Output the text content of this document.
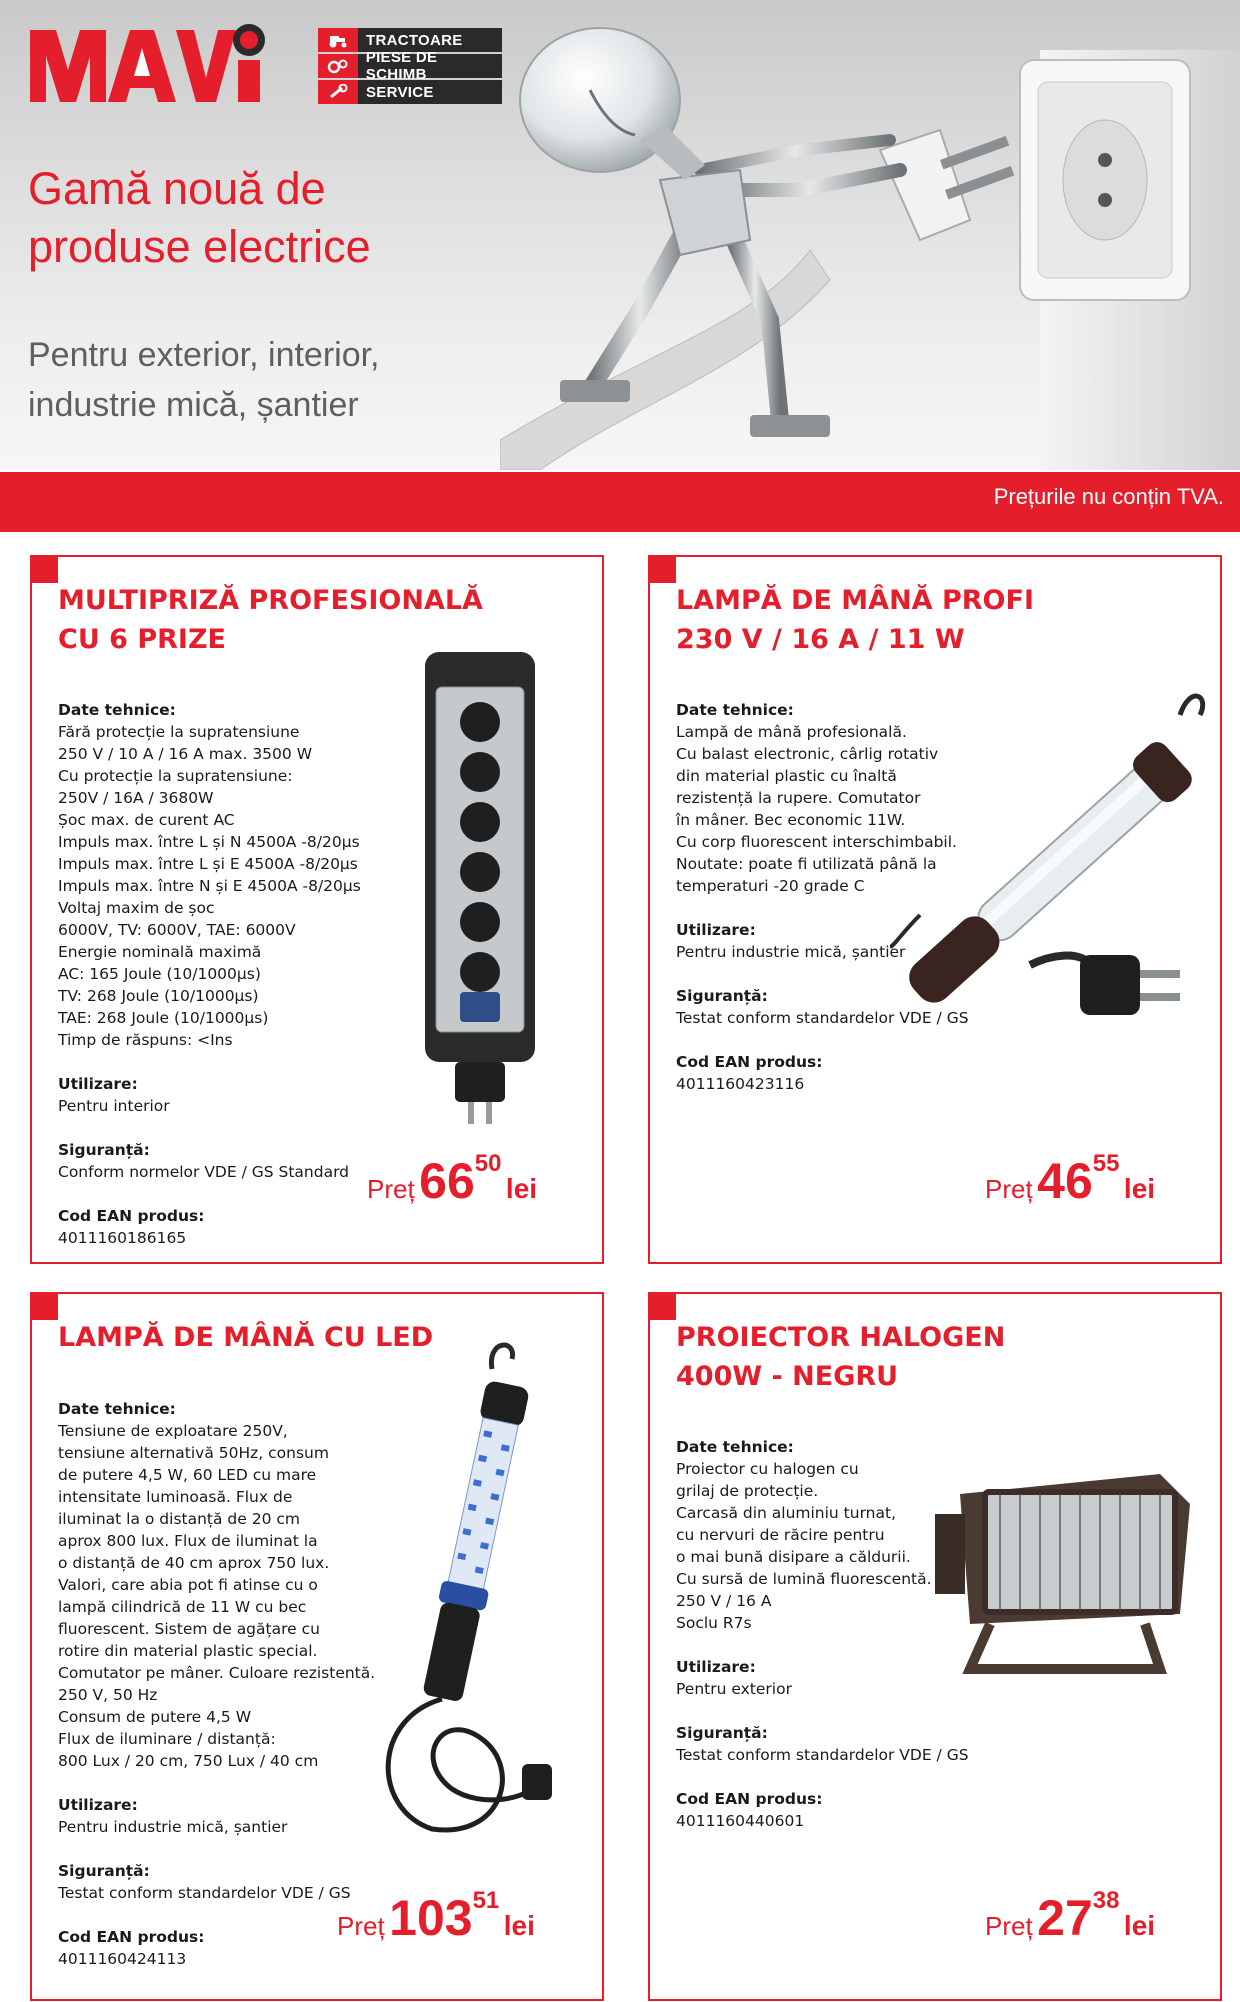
TRACTOARE
PIESE DE SCHIMB
SERVICE
Gamă nouă de
produse electrice
Pentru exterior, interior,
industrie mică, șantier
Prețurile nu conțin TVA.
MULTIPRIZĂ PROFESIONALĂ
CU 6 PRIZE
Date tehnice:
Fără protecție la supratensiune
250 V / 10 A / 16 A max. 3500 W
Cu protecție la supratensiune:
250V / 16A / 3680W
Șoc max. de curent AC
Impuls max. între L și N 4500A -8/20µs
Impuls max. între L și E 4500A -8/20µs
Impuls max. între N și E 4500A -8/20µs
Voltaj maxim de șoc
6000V, TV: 6000V, TAE: 6000V
Energie nominală maximă
AC: 165 Joule (10/1000µs)
TV: 268 Joule (10/1000µs)
TAE: 268 Joule (10/1000µs)
Timp de răspuns: <Ins
Utilizare:
Pentru interior
Siguranță:
Conform normelor VDE / GS Standard
Cod EAN produs:
4011160186165
Preț 6650 lei
LAMPĂ DE MÂNĂ PROFI
230 V / 16 A / 11 W
Date tehnice:
Lampă de mână profesională.
Cu balast electronic, cârlig rotativ
din material plastic cu înaltă
rezistență la rupere. Comutator
în mâner. Bec economic 11W.
Cu corp fluorescent interschimbabil.
Noutate: poate fi utilizată până la
temperaturi -20 grade C
Utilizare:
Pentru industrie mică, șantier
Siguranță:
Testat conform standardelor VDE / GS
Cod EAN produs:
4011160423116
Preț 4655 lei
LAMPĂ DE MÂNĂ CU LED
Date tehnice:
Tensiune de exploatare 250V,
tensiune alternativă 50Hz, consum
de putere 4,5 W, 60 LED cu mare
intensitate luminoasă. Flux de
iluminat la o distanță de 20 cm
aprox 800 lux. Flux de iluminat la
o distanță de 40 cm aprox 750 lux.
Valori, care abia pot fi atinse cu o
lampă cilindrică de 11 W cu bec
fluorescent. Sistem de agățare cu
rotire din material plastic special.
Comutator pe mâner. Culoare rezistentă.
250 V, 50 Hz
Consum de putere 4,5 W
Flux de iluminare / distanță:
800 Lux / 20 cm, 750 Lux / 40 cm
Utilizare:
Pentru industrie mică, șantier
Siguranță:
Testat conform standardelor VDE / GS
Cod EAN produs:
4011160424113
Preț 10351 lei
PROIECTOR HALOGEN
400W - NEGRU
Date tehnice:
Proiector cu halogen cu
grilaj de protecție.
Carcasă din aluminiu turnat,
cu nervuri de răcire pentru
o mai bună disipare a căldurii.
Cu sursă de lumină fluorescentă.
250 V / 16 A
Soclu R7s
Utilizare:
Pentru exterior
Siguranță:
Testat conform standardelor VDE / GS
Cod EAN produs:
4011160440601
Preț 2738 lei
